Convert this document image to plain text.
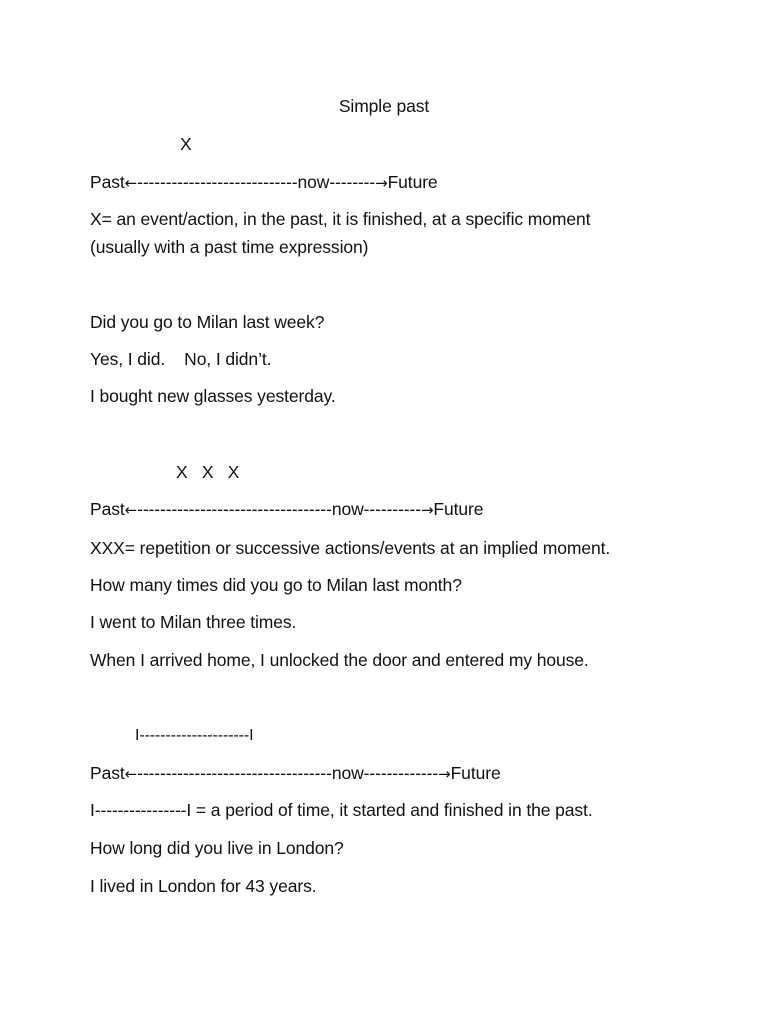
Simple past
X
Past←----------------------------now--------→Future
X= an event/action, in the past, it is finished, at a specific moment
(usually with a past time expression)
Did you go to Milan last week?
Yes, I did.    No, I didn’t.
I bought new glasses yesterday.
X   X   X
Past←----------------------------------now----------→Future
XXX= repetition or successive actions/events at an implied moment.
How many times did you go to Milan last month?
I went to Milan three times.
When I arrived home, I unlocked the door and entered my house.
I---------------------I
Past←----------------------------------now-------------→Future
I----------------I = a period of time, it started and finished in the past.
How long did you live in London?
I lived in London for 43 years.
